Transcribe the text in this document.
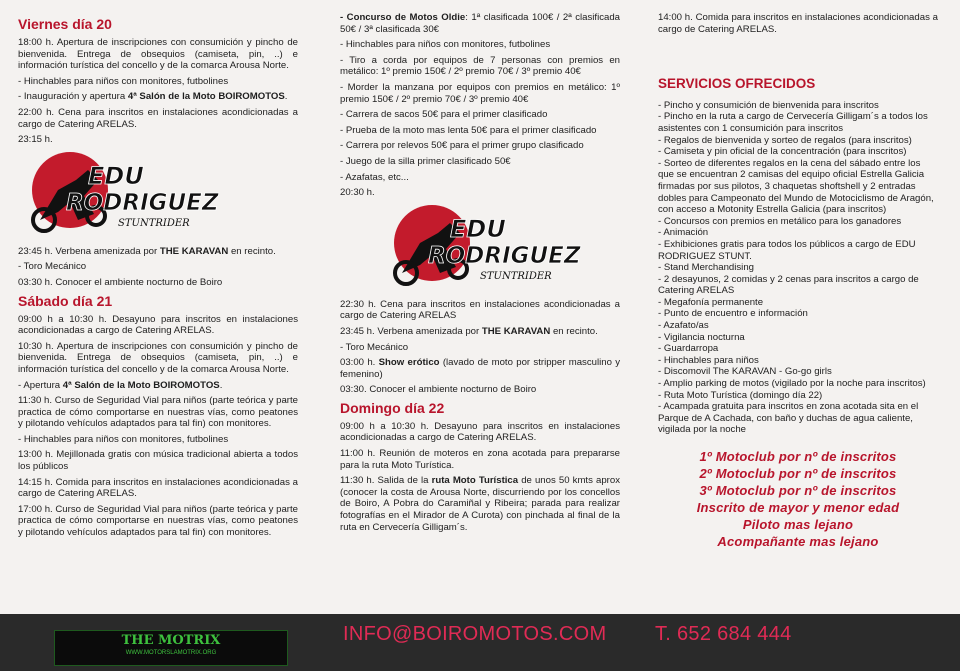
Viernes día 20

18:00 h. Apertura de inscripciones con consumición y pincho de bienvenida. Entrega de obsequios (camiseta, pin, ..) e información turística del concello y de la comarca Arousa Norte.

- Hinchables para niños con monitores, futbolines

- Inauguración y apertura 4ª Salón de la Moto BOIROMOTOS.

22:00 h. Cena para inscritos en instalaciones acondicionadas a cargo de Catering ARELAS.

23:15 h.

EDU
RODRIGUEZ
STUNTRIDER

23:45 h. Verbena amenizada por THE KARAVAN en recinto.

- Toro Mecánico

03:30 h. Conocer el ambiente nocturno de Boiro

Sábado día 21

09:00 h a 10:30 h. Desayuno para inscritos en instalaciones acondicionadas a cargo de Catering ARELAS.

10:30 h. Apertura de inscripciones con consumición y pincho de bienvenida. Entrega de obsequios (camiseta, pin, ..) e información turística del concello y de la comarca Arousa Norte.

- Apertura 4ª Salón de la Moto BOIROMOTOS.

11:30 h. Curso de Seguridad Vial para niños (parte teórica y parte practica de cómo comportarse en nuestras vías, como peatones y pilotando vehículos adaptados para tal fin) con monitores.

- Hinchables para niños con monitores, futbolines

13:00 h. Mejillonada gratis con música tradicional abierta a todos los públicos

14:15 h. Comida para inscritos en instalaciones acondicionadas a cargo de Catering ARELAS.

17:00 h. Curso de Seguridad Vial para niños (parte teórica y parte practica de cómo comportarse en nuestras vías, como peatones y pilotando vehículos adaptados para tal fin) con monitores.

- Concurso de Motos Oldie: 1ª clasificada 100€ / 2ª clasificada 50€ / 3ª clasificada 30€

- Hinchables para niños con monitores, futbolines

- Tiro a corda por equipos de 7 personas con premios en metálico: 1º premio 150€ / 2º premio 70€ / 3º premio 40€

- Morder la manzana por equipos con premios en metálico: 1º premio 150€ / 2º premio 70€ / 3º premio 40€

- Carrera de sacos 50€ para el primer clasificado

- Prueba de la moto mas lenta 50€ para el primer clasificado

- Carrera por relevos 50€ para el primer grupo clasificado

- Juego de la silla primer clasificado 50€

- Azafatas, etc...

20:30 h.

EDU
RODRIGUEZ
STUNTRIDER

22:30 h. Cena para inscritos en instalaciones acondicionadas a cargo de Catering ARELAS

23:45 h. Verbena amenizada por THE KARAVAN en recinto.

- Toro Mecánico

03:00 h. Show erótico (lavado de moto por stripper masculino y femenino)

03:30. Conocer el ambiente nocturno de Boiro

Domingo día 22

09:00 h a 10:30 h. Desayuno para inscritos en instalaciones acondicionadas a cargo de Catering ARELAS.

11:00 h. Reunión de moteros en zona acotada para prepararse para la ruta Moto Turística.

11:30 h. Salida de la ruta Moto Turística de unos 50 kmts aprox (conocer la costa de Arousa Norte, discurriendo por los concellos de Boiro, A Pobra do Caramiñal y Ribeira; parada para realizar fotografías en el Mirador de A Curota) con pinchada al final de la ruta en Cervecería Gilligam´s.

14:00 h. Comida para inscritos en instalaciones acondicionadas a cargo de Catering ARELAS.

SERVICIOS OFRECIDOS
- Pincho y consumición de bienvenida para inscritos
- Pincho en la ruta a cargo de Cervecería Gilligam´s a todos los asistentes con 1 consumición para inscritos
- Regalos de bienvenida y sorteo de regalos (para inscritos)
- Camiseta y pin oficial de la concentración (para inscritos)
- Sorteo de diferentes regalos en la cena del sábado entre los que se encuentran 2 camisas del equipo oficial Estrella Galicia firmadas por sus pilotos, 3 chaquetas shoftshell y 2 entradas dobles para Campeonato del Mundo de Motociclismo de Aragón, con acceso a Motonity Estrella Galicia (para inscritos)
- Concursos con premios en metálico para los ganadores
- Animación
- Exhibiciones gratis para todos los públicos a cargo de EDU RODRIGUEZ STUNT.
- Stand Merchandising
- 2 desayunos, 2 comidas y 2 cenas para inscritos a cargo de Catering ARELAS
- Megafonía permanente
- Punto de encuentro e información
- Azafato/as
- Vigilancia nocturna
- Guardarropa
- Hinchables para niños
- Discomovil The KARAVAN - Go-go girls
- Amplio parking de motos (vigilado por la noche para inscritos)
- Ruta Moto Turística (domingo día 22)
- Acampada gratuita para inscritos en zona acotada sita en el Parque de A Cachada, con baño y duchas de agua caliente, vigilada por la noche
1º Motoclub por nº de inscritos
2º Motoclub por nº de inscritos
3º Motoclub por nº de inscritos
Inscrito de mayor y menor edad
Piloto mas lejano
Acompañante mas lejano
THE MOTRIX
WWW.MOTORSLAMOTRIX.ORG
INFO@BOIROMOTOS.COM T. 652 684 444
